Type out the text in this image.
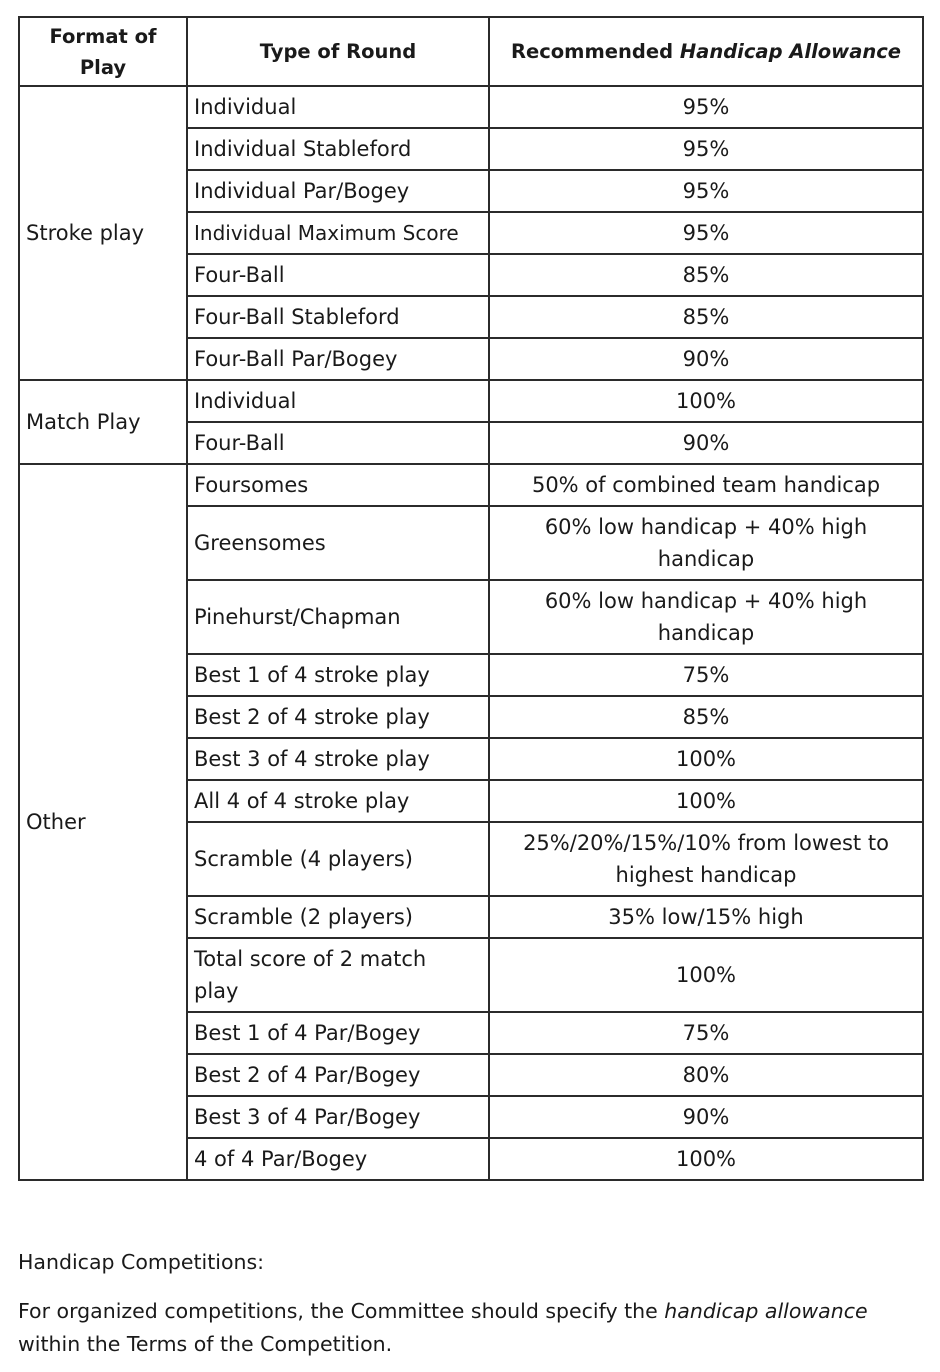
Format of Play	Type of Round	Recommended Handicap Allowance
Stroke play	Individual	95%
	Individual Stableford	95%
	Individual Par/Bogey	95%
	Individual Maximum Score	95%
	Four-Ball	85%
	Four-Ball Stableford	85%
	Four-Ball Par/Bogey	90%
Match Play	Individual	100%
	Four-Ball	90%
Other	Foursomes	50% of combined team handicap
	Greensomes	60% low handicap + 40% high handicap

	Pinehurst/Chapman	60% low handicap + 40% high handicap

	Best 1 of 4 stroke play	75%
	Best 2 of 4 stroke play	85%
	Best 3 of 4 stroke play	100%
	All 4 of 4 stroke play	100%
	Scramble (4 players)	25%/20%/15%/10% from lowest to highest handicap

	Scramble (2 players)	35% low/15% high

	Total score of 2 match play	100%
	Best 1 of 4 Par/Bogey	75%
	Best 2 of 4 Par/Bogey	80%
	Best 3 of 4 Par/Bogey	90%
	4 of 4 Par/Bogey	100%
Handicap Competitions:
For organized competitions, the Committee should specify the handicap allowance within the Terms of the Competition.
